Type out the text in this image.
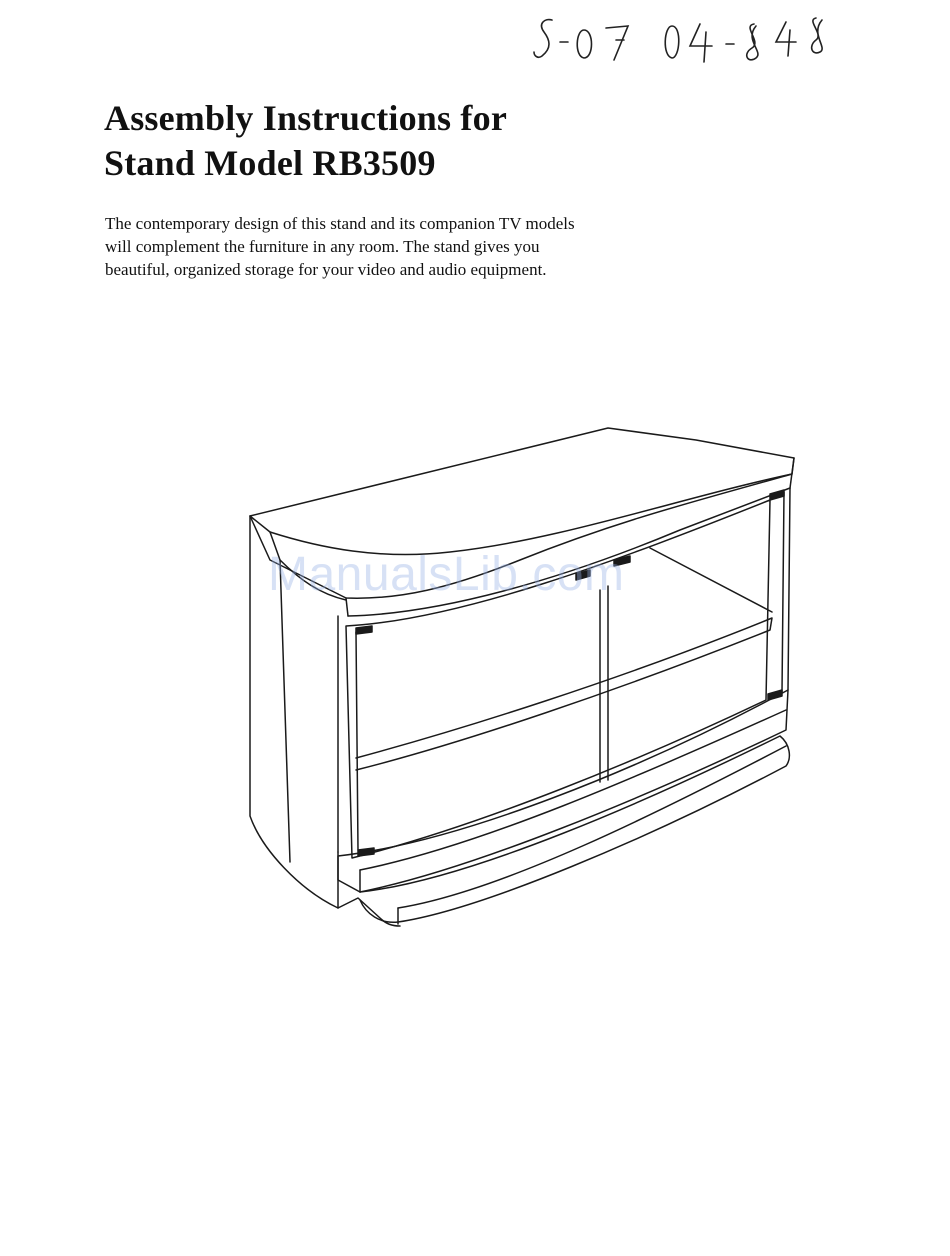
Assembly Instructions for
Stand Model RB3509

The contemporary design of this stand and its companion TV models will complement the furniture in any room. The stand gives you beautiful, organized storage for your video and audio equipment.

ManualsLib.com
